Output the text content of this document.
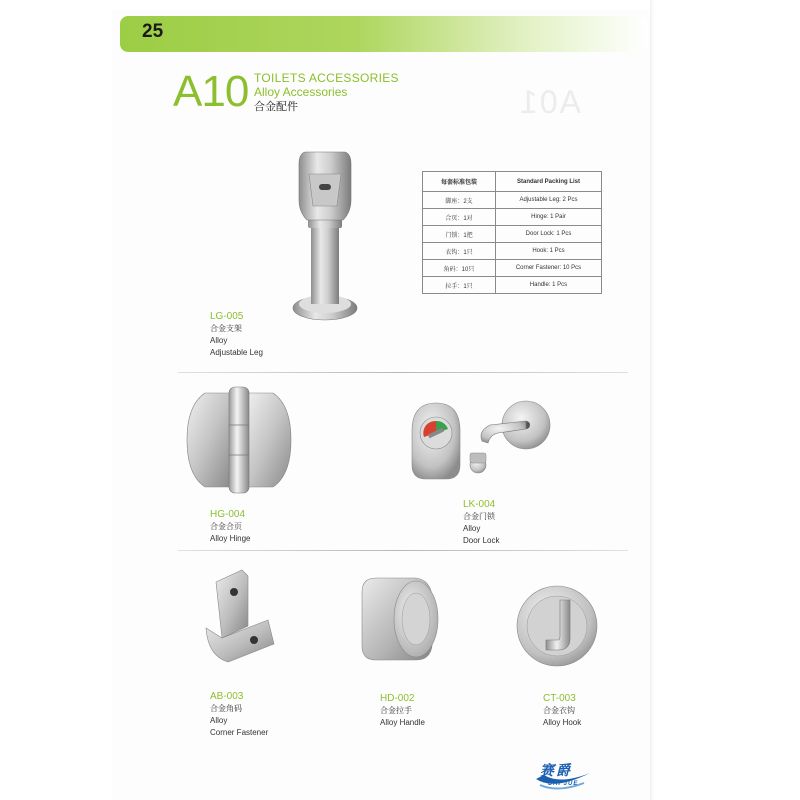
25
A01
A10 TOILETS ACCESSORIES
Alloy Accessories
合金配件
LG-005
合金支架
Alloy
Adjustable Leg
每套标准包装	Standard Packing List
脚座：2支	Adjustable Leg: 2 Pcs
合页：1对	Hinge: 1 Pair
门锁：1把	Door Lock: 1 Pcs
衣钩：1只	Hook: 1 Pcs
角码：10只	Corner Fastener: 10 Pcs
拉手：1只	Handle: 1 Pcs
HG-004
合金合页
Alloy Hinge
LK-004
合金门锁
Alloy
Door Lock
AB-003
合金角码
Alloy
Corner Fastener
HD-002
合金拉手
Alloy Handle
CT-003
合金衣钩
Alloy Hook
赛爵
SAI JUE
